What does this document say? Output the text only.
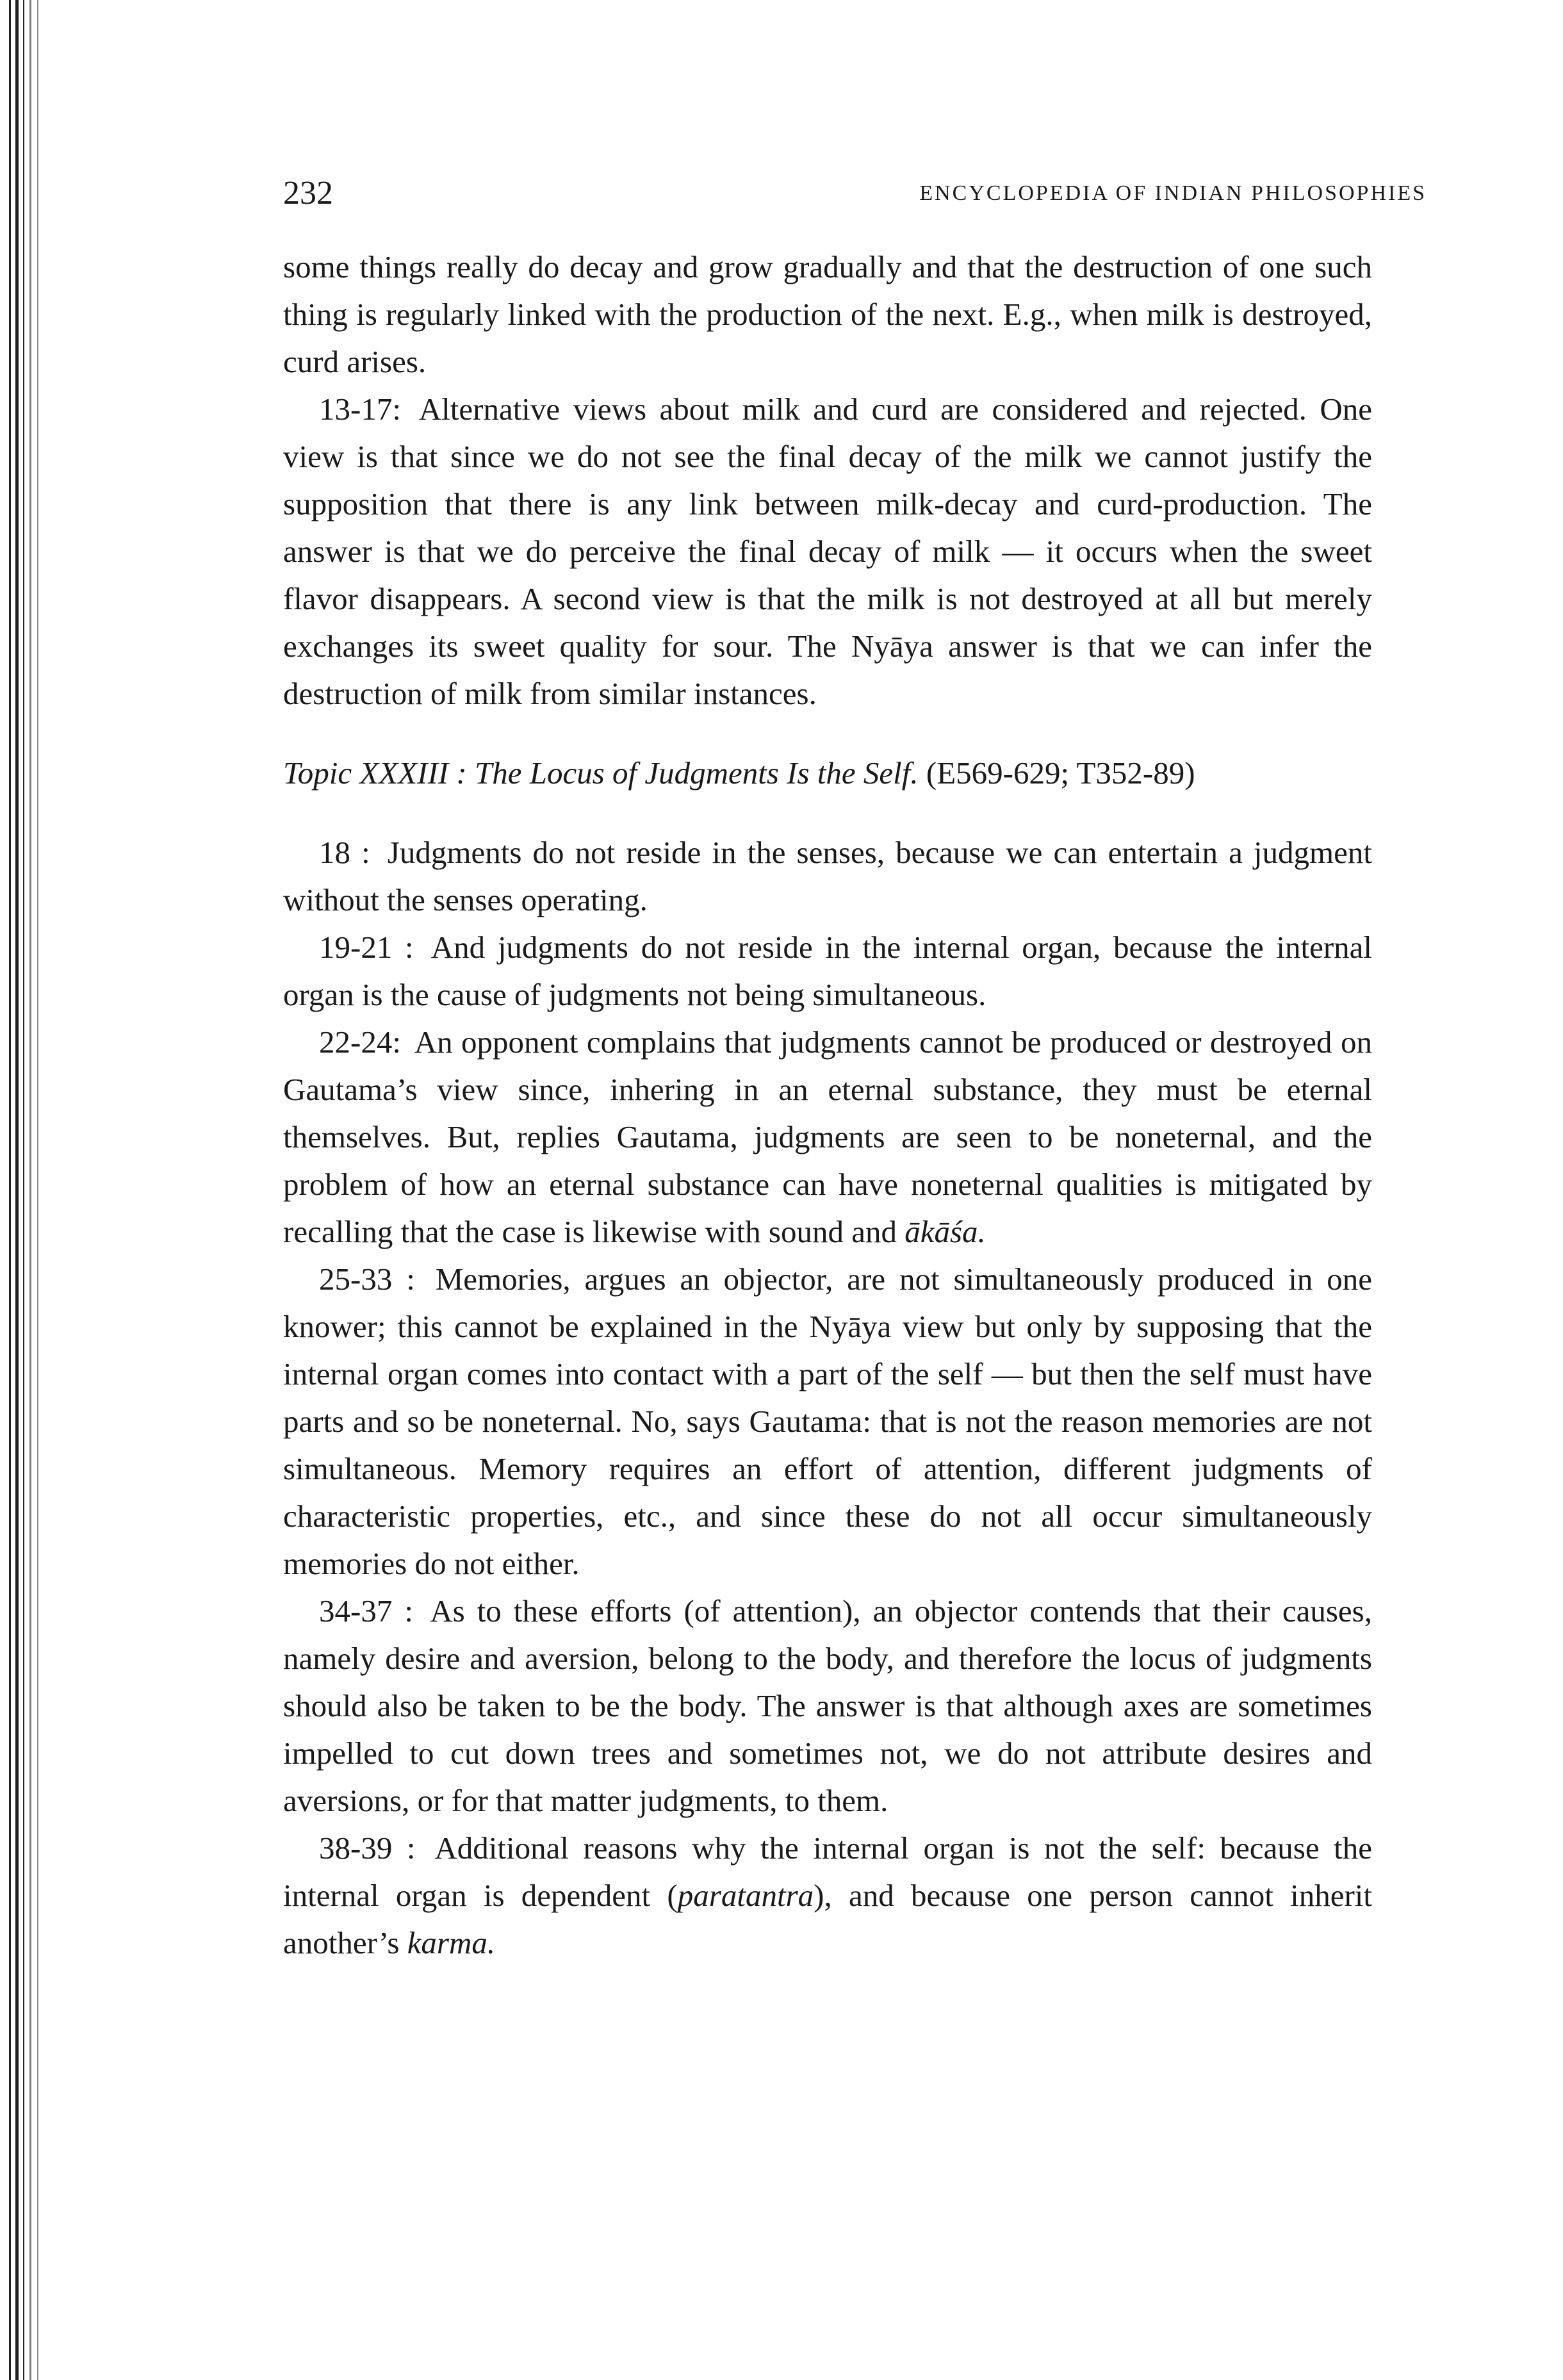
232	ENCYCLOPEDIA OF INDIAN PHILOSOPHIES

some things really do decay and grow gradually and that the destruction of one such thing is regularly linked with the production of the next. E.g., when milk is destroyed, curd arises.

13-17: Alternative views about milk and curd are considered and rejected. One view is that since we do not see the final decay of the milk we cannot justify the supposition that there is any link between milk-decay and curd-production. The answer is that we do perceive the final decay of milk — it occurs when the sweet flavor disappears. A second view is that the milk is not destroyed at all but merely exchanges its sweet quality for sour. The Nyāya answer is that we can infer the destruction of milk from similar instances.

Topic XXXIII : The Locus of Judgments Is the Self. (E569-629; T352-89)

18 : Judgments do not reside in the senses, because we can entertain a judgment without the senses operating.

19-21 : And judgments do not reside in the internal organ, because the internal organ is the cause of judgments not being simultaneous.

22-24: An opponent complains that judgments cannot be produced or destroyed on Gautama’s view since, inhering in an eternal substance, they must be eternal themselves. But, replies Gautama, judgments are seen to be noneternal, and the problem of how an eternal substance can have noneternal qualities is mitigated by recalling that the case is likewise with sound and ākāśa.

25-33 : Memories, argues an objector, are not simultaneously produced in one knower; this cannot be explained in the Nyāya view but only by supposing that the internal organ comes into contact with a part of the self — but then the self must have parts and so be noneternal. No, says Gautama: that is not the reason memories are not simultaneous. Memory requires an effort of attention, different judgments of characteristic properties, etc., and since these do not all occur simultaneously memories do not either.

34-37 : As to these efforts (of attention), an objector contends that their causes, namely desire and aversion, belong to the body, and therefore the locus of judgments should also be taken to be the body. The answer is that although axes are sometimes impelled to cut down trees and sometimes not, we do not attribute desires and aversions, or for that matter judgments, to them.

38-39 : Additional reasons why the internal organ is not the self: because the internal organ is dependent (paratantra), and because one person cannot inherit another’s karma.
